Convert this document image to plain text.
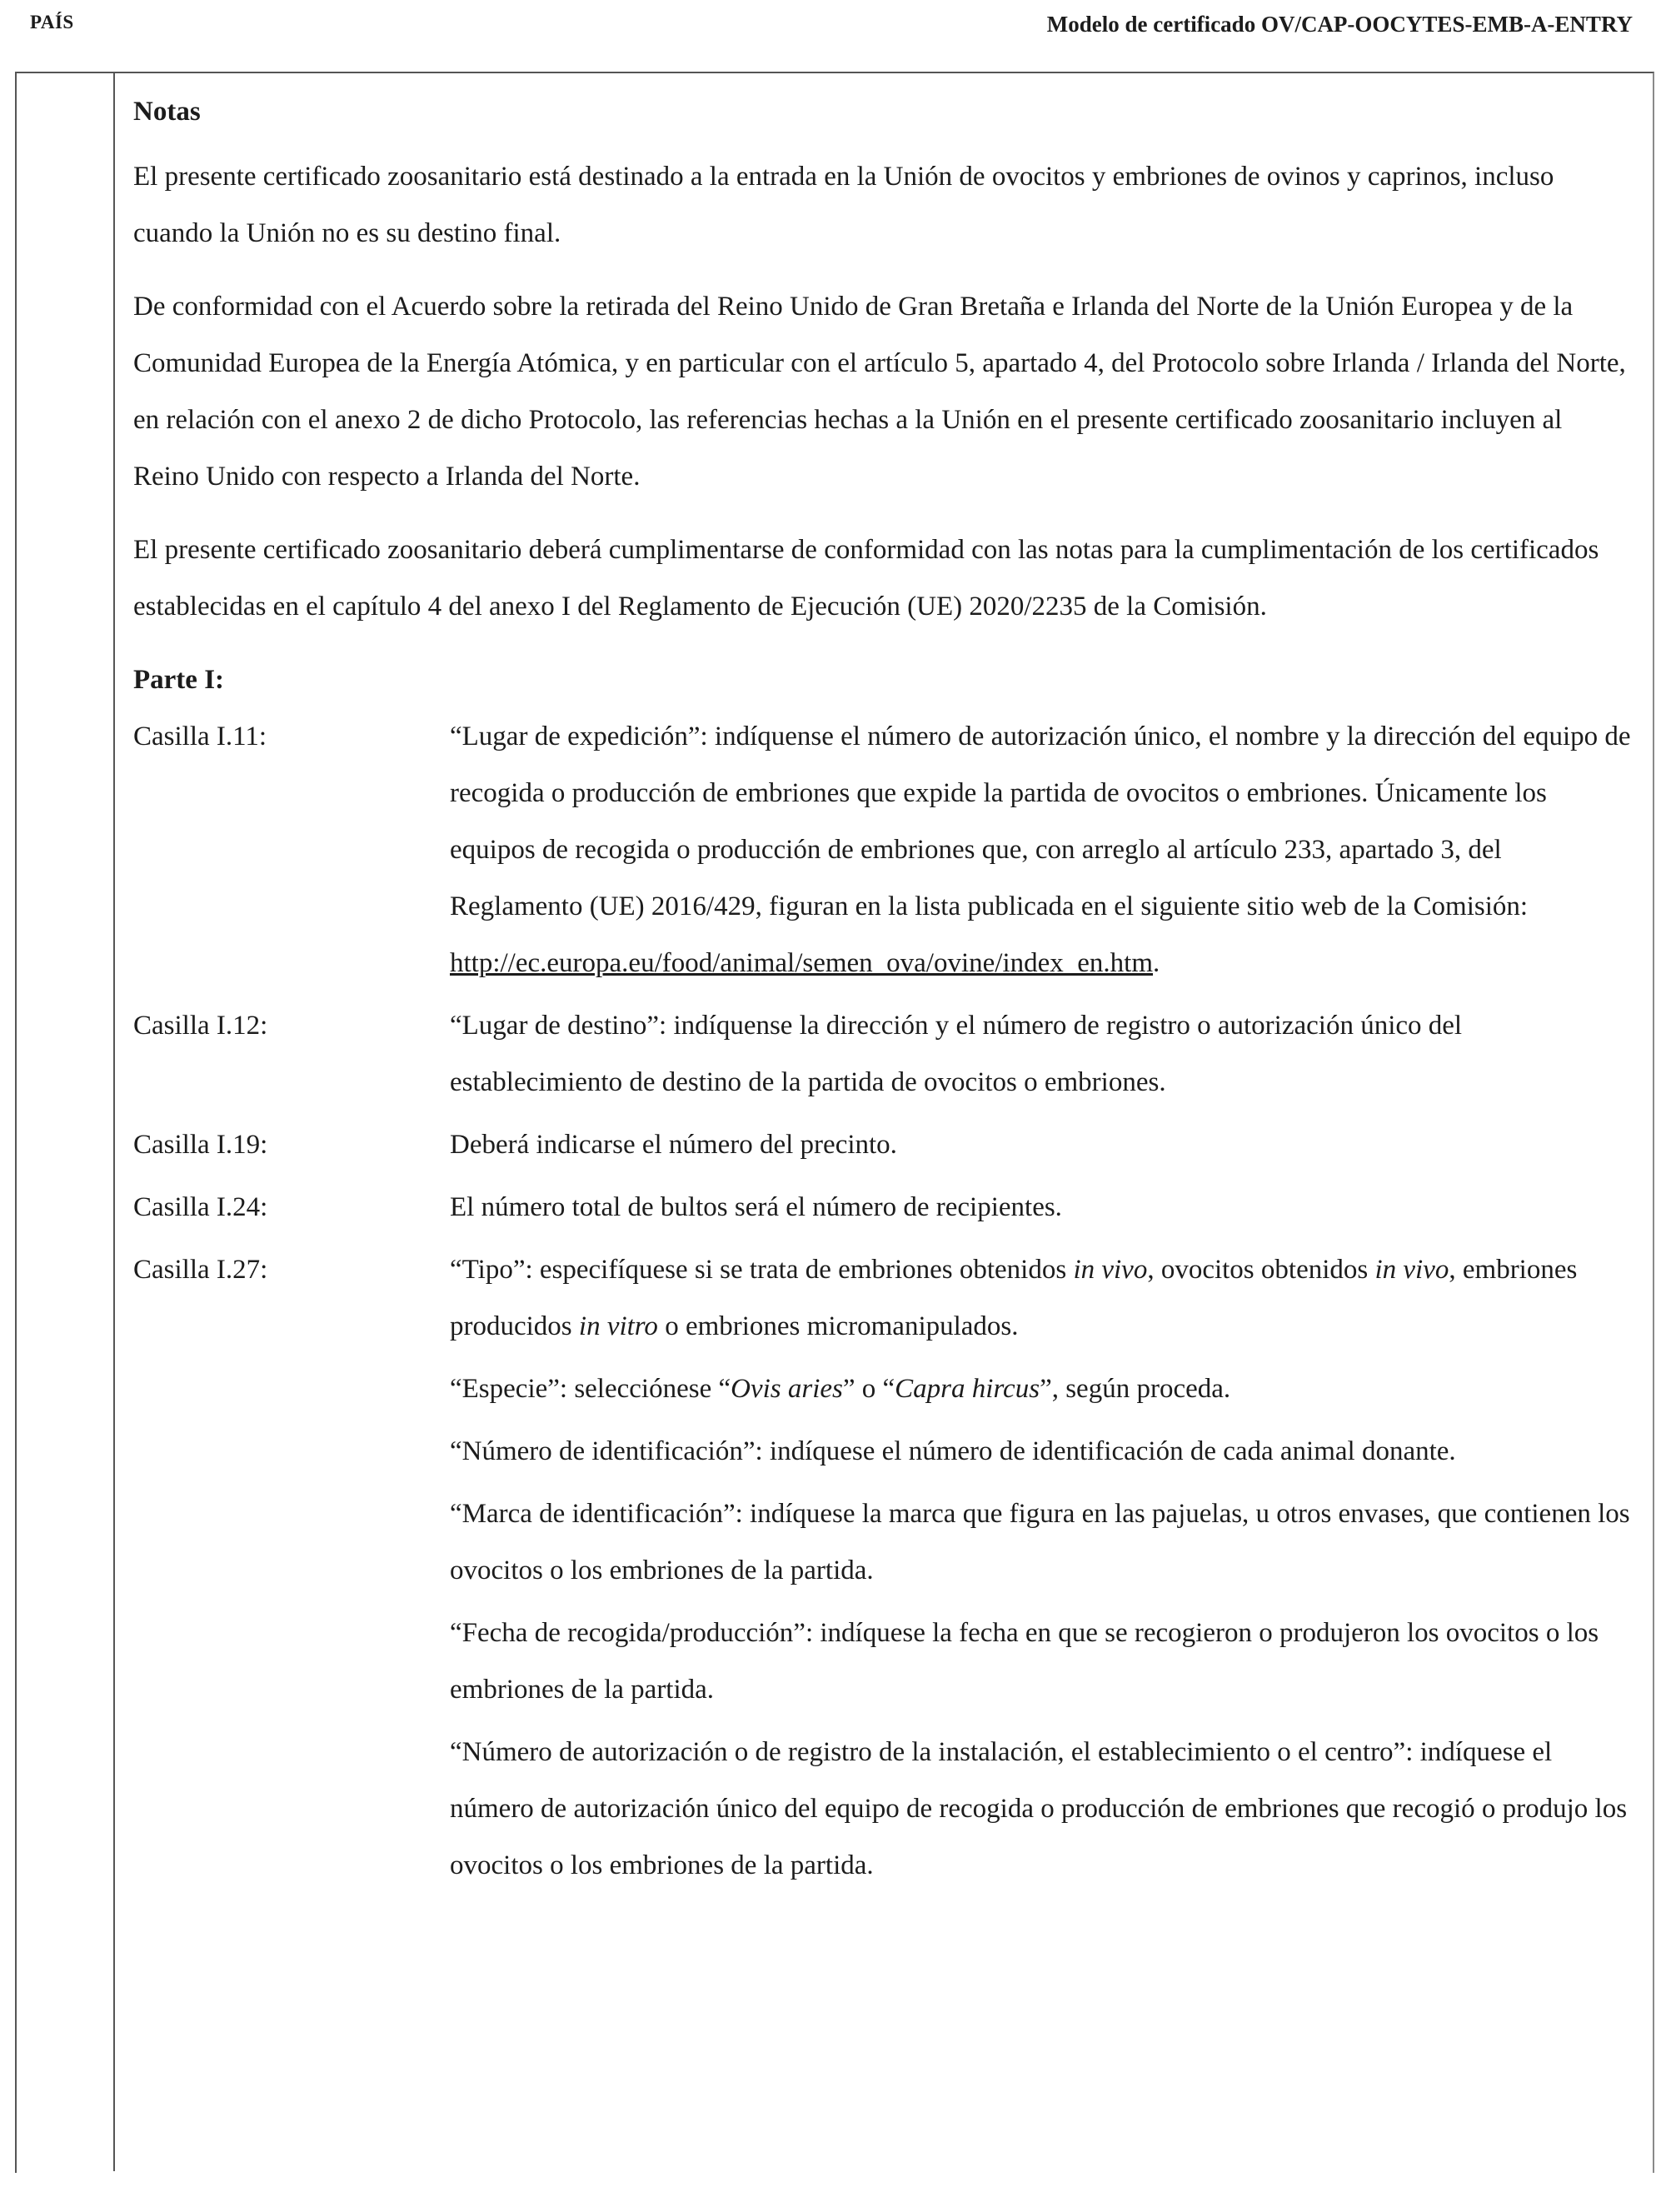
PAÍS	Modelo de certificado OV/CAP-OOCYTES-EMB-A-ENTRY
Notas

El presente certificado zoosanitario está destinado a la entrada en la Unión de ovocitos y embriones de ovinos y caprinos, incluso cuando la Unión no es su destino final.

De conformidad con el Acuerdo sobre la retirada del Reino Unido de Gran Bretaña e Irlanda del Norte de la Unión Europea y de la Comunidad Europea de la Energía Atómica, y en particular con el artículo 5, apartado 4, del Protocolo sobre Irlanda / Irlanda del Norte, en relación con el anexo 2 de dicho Protocolo, las referencias hechas a la Unión en el presente certificado zoosanitario incluyen al Reino Unido con respecto a Irlanda del Norte.

El presente certificado zoosanitario deberá cumplimentarse de conformidad con las notas para la cumplimentación de los certificados establecidas en el capítulo 4 del anexo I del Reglamento de Ejecución (UE) 2020/2235 de la Comisión.

Parte I:
Casilla I.11:	“Lugar de expedición”: indíquense el número de autorización único, el nombre y la dirección del equipo de recogida o producción de embriones que expide la partida de ovocitos o embriones. Únicamente los equipos de recogida o producción de embriones que, con arreglo al artículo 233, apartado 3, del Reglamento (UE) 2016/429, figuran en la lista publicada en el siguiente sitio web de la Comisión:
http://ec.europa.eu/food/animal/semen_ova/ovine/index_en.htm.
Casilla I.12:	“Lugar de destino”: indíquense la dirección y el número de registro o autorización único del establecimiento de destino de la partida de ovocitos o embriones.
Casilla I.19:	Deberá indicarse el número del precinto.
Casilla I.24:	El número total de bultos será el número de recipientes.
Casilla I.27:	“Tipo”: especifíquese si se trata de embriones obtenidos in vivo, ovocitos obtenidos in vivo, embriones producidos in vitro o embriones micromanipulados.

“Especie”: selecciónese “Ovis aries” o “Capra hircus”, según proceda.

“Número de identificación”: indíquese el número de identificación de cada animal donante.

“Marca de identificación”: indíquese la marca que figura en las pajuelas, u otros envases, que contienen los ovocitos o los embriones de la partida.

“Fecha de recogida/producción”: indíquese la fecha en que se recogieron o produjeron los ovocitos o los embriones de la partida.

“Número de autorización o de registro de la instalación, el establecimiento o el centro”: indíquese el número de autorización único del equipo de recogida o producción de embriones que recogió o produjo los ovocitos o los embriones de la partida.
